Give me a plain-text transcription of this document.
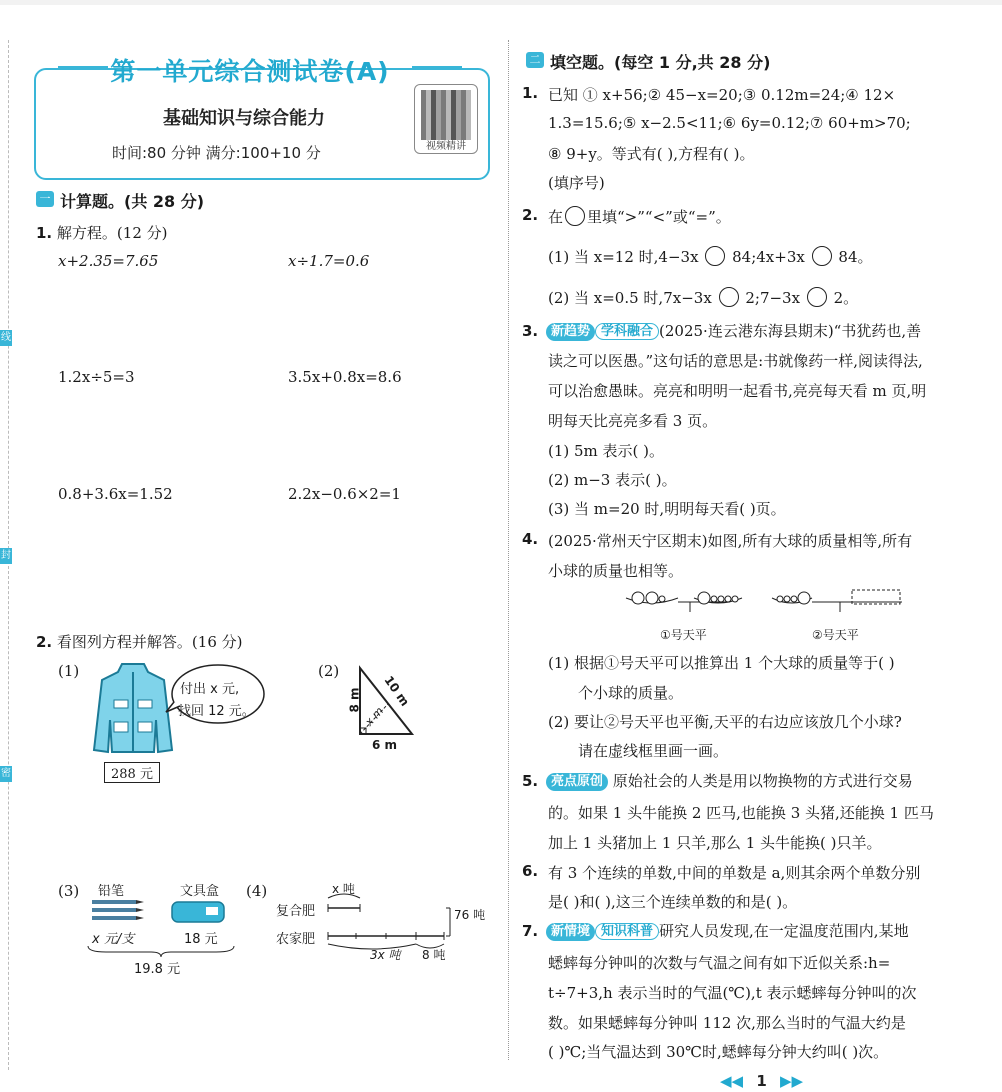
线
封
密
第一单元综合测试卷(A)
基础知识与综合能力
时间:80 分钟 满分:100+10 分	视频精讲
一 计算题。(共 28 分)
1. 解方程。(12 分)
x+2.35=7.65	x÷1.7=0.6
1.2x÷5=3	3.5x+0.8x=8.6
0.8+3.6x=1.52	2.2x−0.6×2=1
2. 看图列方程并解答。(16 分)
(1)
288 元
付出 x 元,
找回 12 元。
(2)
8 m 10 m
x m
6 m
(3) 铅笔	文具盒
x 元/支	18 元
19.8 元
(4)	x 吨
复合肥
农家肥
76 吨
3x 吨 8 吨
二 填空题。(每空 1 分,共 28 分)
1. 已知 ① x+56;② 45−x=20;③ 0.12m=24;④ 12×
1.3=15.6;⑤ x−2.5<11;⑥ 6y=0.12;⑦ 60+m>70;
⑧ 9+y。等式有( ),方程有( )。
(填序号)
2. 在 里填“>”“<”或“=”。
(1) 当 x=12 时,4−3x 84;4x+3x 84。
(2) 当 x=0.5 时,7x−3x 2;7−3x 2。
3. 新趋势 学科融合 (2025·连云港东海县期末)“书犹药也,善
读之可以医愚。”这句话的意思是:书就像药一样,阅读得法,
可以治愈愚昧。亮亮和明明一起看书,亮亮每天看 m 页,明
明每天比亮亮多看 3 页。
(1) 5m 表示( )。
(2) m−3 表示( )。
(3) 当 m=20 时,明明每天看( )页。
4. (2025·常州天宁区期末)如图,所有大球的质量相等,所有
小球的质量也相等。
①号天平	②号天平
(1) 根据①号天平可以推算出 1 个大球的质量等于( )
个小球的质量。
(2) 要让②号天平也平衡,天平的右边应该放几个小球?
请在虚线框里画一画。
5. 亮点原创 原始社会的人类是用以物换物的方式进行交易
的。如果 1 头牛能换 2 匹马,也能换 3 头猪,还能换 1 匹马
加上 1 头猪加上 1 只羊,那么 1 头牛能换( )只羊。
6. 有 3 个连续的单数,中间的单数是 a,则其余两个单数分别
是( )和( ),这三个连续单数的和是( )。
7. 新情境 知识科普 研究人员发现,在一定温度范围内,某地
蟋蟀每分钟叫的次数与气温之间有如下近似关系:h=
t÷7+3,h 表示当时的气温(℃),t 表示蟋蟀每分钟叫的次
数。如果蟋蟀每分钟叫 112 次,那么当时的气温大约是
( )℃;当气温达到 30℃时,蟋蟀每分钟大约叫( )次。
◀◀ 1 ▶▶
